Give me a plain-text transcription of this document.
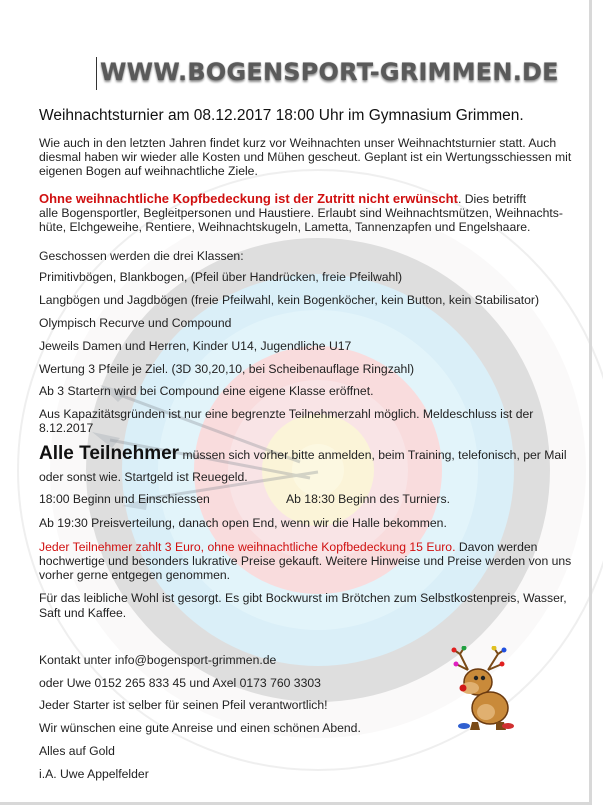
WWW.BOGENSPORT-GRIMMEN.DE
Weihnachtsturnier am 08.12.2017 18:00 Uhr im Gymnasium Grimmen.
Wie auch in den letzten Jahren findet kurz vor Weihnachten unser Weihnachtsturnier statt. Auch
diesmal haben wir wieder alle Kosten und Mühen gescheut. Geplant ist ein Wertungsschiessen mit
eigenen Bogen auf weihnachtliche Ziele.
Ohne weihnachtliche Kopfbedeckung ist der Zutritt nicht erwünscht. Dies betrifft
alle Bogensportler, Begleitpersonen und Haustiere. Erlaubt sind Weihnachtsmützen, Weihnachts-
hüte, Elchgeweihe, Rentiere, Weihnachtskugeln, Lametta, Tannenzapfen und Engelshaare.
Geschossen werden die drei Klassen:
Primitivbögen, Blankbogen, (Pfeil über Handrücken, freie Pfeilwahl)
Langbögen und Jagdbögen (freie Pfeilwahl, kein Bogenköcher, kein Button, kein Stabilisator)
Olympisch Recurve und Compound
Jeweils Damen und Herren, Kinder U14, Jugendliche U17
Wertung 3 Pfeile je Ziel. (3D 30,20,10, bei Scheibenauflage Ringzahl)
Ab 3 Startern wird bei Compound eine eigene Klasse eröffnet.
Aus Kapazitätsgründen ist nur eine begrenzte Teilnehmerzahl möglich. Meldeschluss ist der
8.12.2017
Alle Teilnehmer müssen sich vorher bitte anmelden, beim Training, telefonisch, per Mail
oder sonst wie. Startgeld ist Reuegeld.
18:00 Beginn und Einschiessen	Ab 18:30 Beginn des Turniers.
Ab 19:30 Preisverteilung, danach open End, wenn wir die Halle bekommen.
Jeder Teilnehmer zahlt 3 Euro, ohne weihnachtliche Kopfbedeckung 15 Euro. Davon werden
hochwertige und besonders lukrative Preise gekauft. Weitere Hinweise und Preise werden von uns
vorher gerne entgegen genommen.
Für das leibliche Wohl ist gesorgt. Es gibt Bockwurst im Brötchen zum Selbstkostenpreis, Wasser,
Saft und Kaffee.
Kontakt unter info@bogensport-grimmen.de
oder Uwe 0152 265 833 45 und Axel 0173 760 3303
Jeder Starter ist selber für seinen Pfeil verantwortlich!
Wir wünschen eine gute Anreise und einen schönen Abend.
Alles auf Gold
i.A. Uwe Appelfelder
